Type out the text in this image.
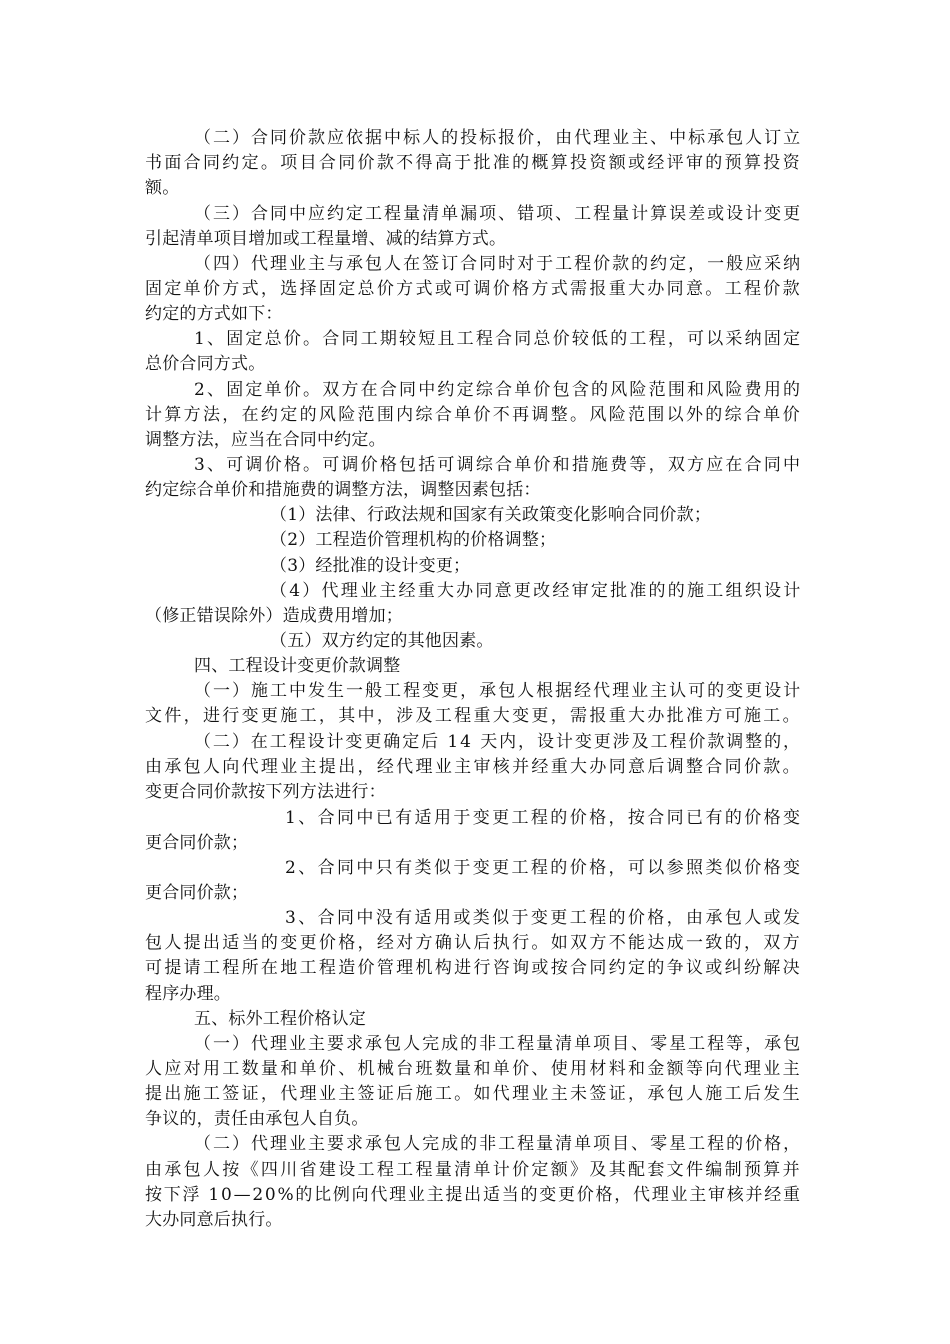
（二）合同价款应依据中标人的投标报价，由代理业主、中标承包人订立
书面合同约定。项目合同价款不得高于批准的概算投资额或经评审的预算投资
额。
（三）合同中应约定工程量清单漏项、错项、工程量计算误差或设计变更
引起清单项目增加或工程量增、减的结算方式。
（四）代理业主与承包人在签订合同时对于工程价款的约定，一般应采纳
固定单价方式，选择固定总价方式或可调价格方式需报重大办同意。工程价款
约定的方式如下：
1、固定总价。合同工期较短且工程合同总价较低的工程，可以采纳固定
总价合同方式。
2、固定单价。双方在合同中约定综合单价包含的风险范围和风险费用的
计算方法，在约定的风险范围内综合单价不再调整。风险范围以外的综合单价
调整方法，应当在合同中约定。
3、可调价格。可调价格包括可调综合单价和措施费等，双方应在合同中
约定综合单价和措施费的调整方法，调整因素包括：
（1）法律、行政法规和国家有关政策变化影响合同价款；
（2）工程造价管理机构的价格调整；
（3）经批准的设计变更；
（4）代理业主经重大办同意更改经审定批准的的施工组织设计
（修正错误除外）造成费用增加；
（五）双方约定的其他因素。
四、工程设计变更价款调整
（一）施工中发生一般工程变更，承包人根据经代理业主认可的变更设计
文件，进行变更施工，其中，涉及工程重大变更，需报重大办批准方可施工。
（二）在工程设计变更确定后 14 天内，设计变更涉及工程价款调整的，
由承包人向代理业主提出，经代理业主审核并经重大办同意后调整合同价款。
变更合同价款按下列方法进行：
1、合同中已有适用于变更工程的价格，按合同已有的价格变
更合同价款；
2、合同中只有类似于变更工程的价格，可以参照类似价格变
更合同价款；
3、合同中没有适用或类似于变更工程的价格，由承包人或发
包人提出适当的变更价格，经对方确认后执行。如双方不能达成一致的，双方
可提请工程所在地工程造价管理机构进行咨询或按合同约定的争议或纠纷解决
程序办理。
五、标外工程价格认定
（一）代理业主要求承包人完成的非工程量清单项目、零星工程等，承包
人应对用工数量和单价、机械台班数量和单价、使用材料和金额等向代理业主
提出施工签证，代理业主签证后施工。如代理业主未签证，承包人施工后发生
争议的，责任由承包人自负。
（二）代理业主要求承包人完成的非工程量清单项目、零星工程的价格，
由承包人按《四川省建设工程工程量清单计价定额》及其配套文件编制预算并
按下浮 10—20%的比例向代理业主提出适当的变更价格，代理业主审核并经重
大办同意后执行。
